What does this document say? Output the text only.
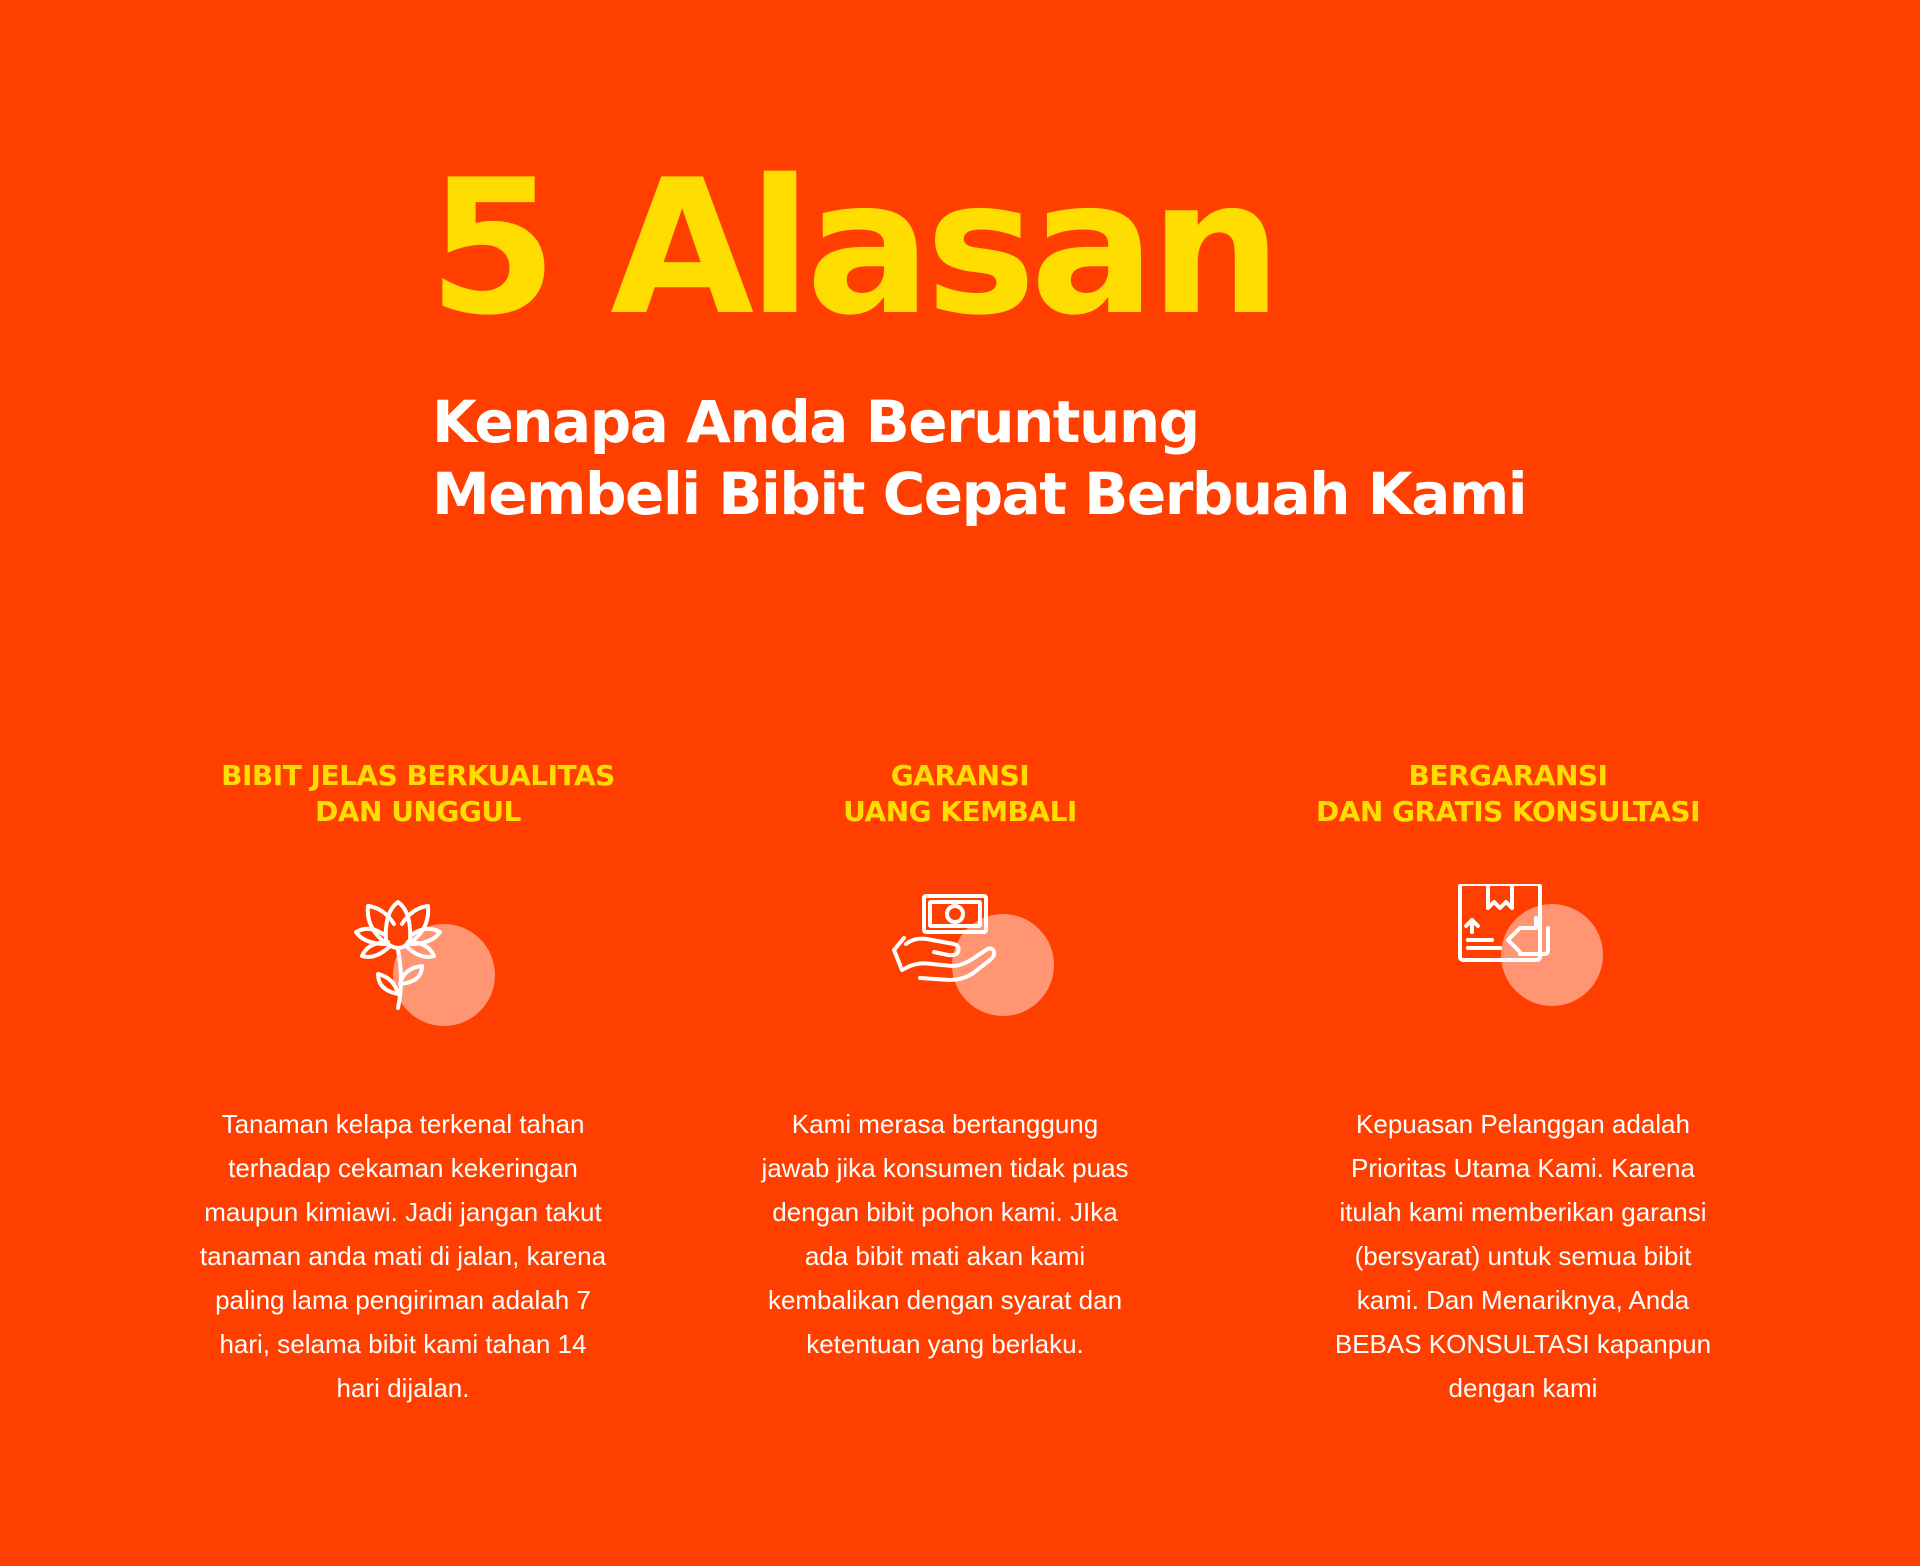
5 Alasan
Kenapa Anda Beruntung
Membeli Bibit Cepat Berbuah Kami
BIBIT JELAS BERKUALITAS
DAN UNGGUL

Tanaman kelapa terkenal tahan terhadap cekaman kekeringan maupun kimiawi. Jadi jangan takut tanaman anda mati di jalan, karena paling lama pengiriman adalah 7 hari, selama bibit kami tahan 14 hari dijalan.

GARANSI
UANG KEMBALI

Kami merasa bertanggung jawab jika konsumen tidak puas dengan bibit pohon kami. JIka ada bibit mati akan kami kembalikan dengan syarat dan ketentuan yang berlaku.

BERGARANSI
DAN GRATIS KONSULTASI

Kepuasan Pelanggan adalah Prioritas Utama Kami. Karena itulah kami memberikan garansi (bersyarat) untuk semua bibit kami. Dan Menariknya, Anda BEBAS KONSULTASI kapanpun dengan kami
